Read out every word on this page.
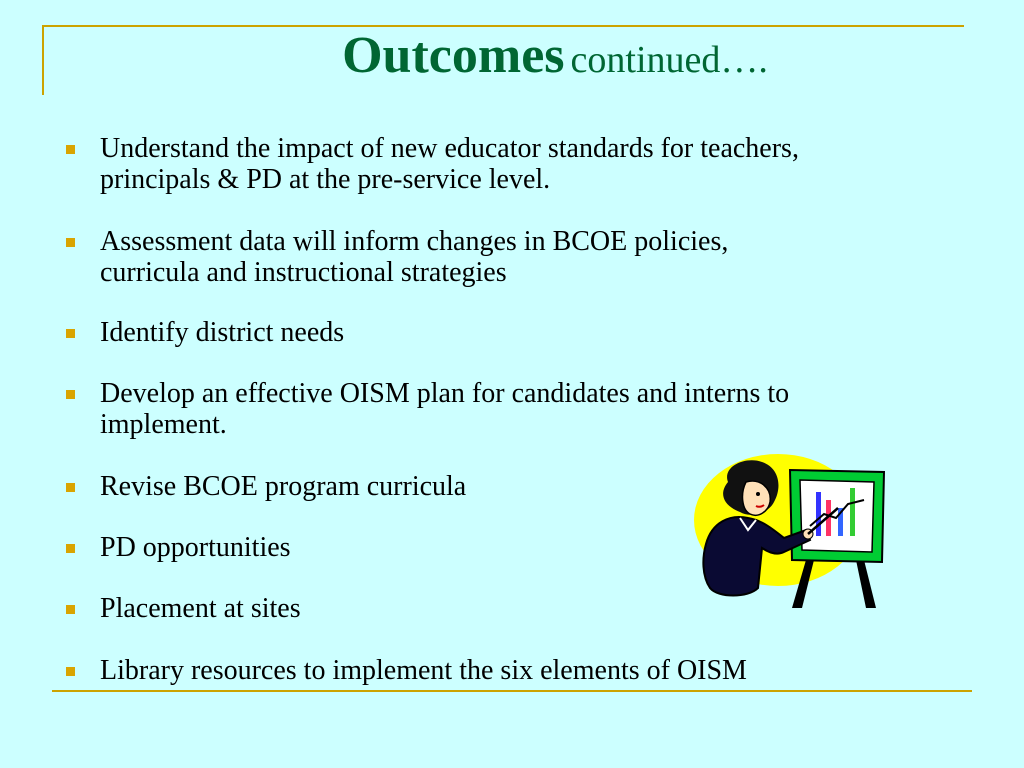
Outcomes continued….
Understand the impact of new educator standards for teachers,
principals & PD at the pre-service level.
Assessment data will inform changes in BCOE policies,
curricula and instructional strategies
Identify district needs
Develop an effective OISM plan for candidates and interns to
implement.
Revise BCOE program curricula
PD opportunities
Placement at sites
Library resources to implement the six elements of OISM
